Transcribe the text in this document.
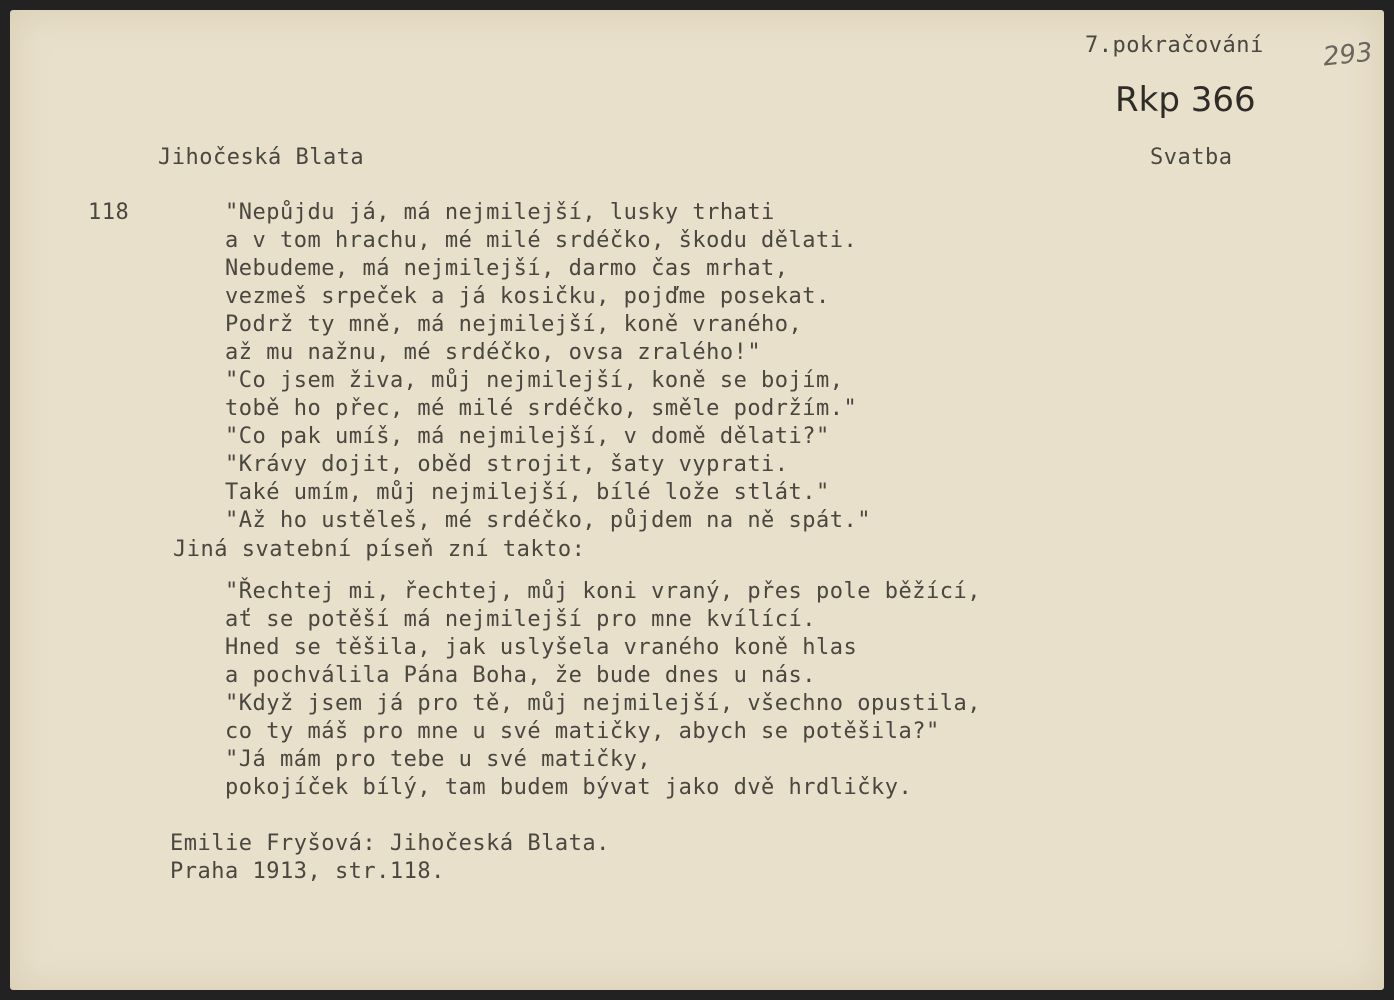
7.pokračování 293
Rkp 366
Jihočeská Blata	Svatba
118	"Nepůjdu já, má nejmilejší, lusky trhati
a v tom hrachu, mé milé srdéčko, škodu dělati.
Nebudeme, má nejmilejší, darmo čas mrhat,
vezmeš srpeček a já kosičku, pojďme posekat.
Podrž ty mně, má nejmilejší, koně vraného,
až mu nažnu, mé srdéčko, ovsa zralého!"
"Co jsem živa, můj nejmilejší, koně se bojím,
tobě ho přec, mé milé srdéčko, směle podržím."
"Co pak umíš, má nejmilejší, v domě dělati?"
"Krávy dojit, oběd strojit, šaty vyprati.
Také umím, můj nejmilejší, bílé lože stlát."
"Až ho ustěleš, mé srdéčko, půjdem na ně spát."
Jiná svatební píseň zní takto:
"Řechtej mi, řechtej, můj koni vraný, přes pole běžící,
ať se potěší má nejmilejší pro mne kvílící.
Hned se těšila, jak uslyšela vraného koně hlas
a pochválila Pána Boha, že bude dnes u nás.
"Když jsem já pro tě, můj nejmilejší, všechno opustila,
co ty máš pro mne u své matičky, abych se potěšila?"
"Já mám pro tebe u své matičky,
pokojíček bílý, tam budem bývat jako dvě hrdličky.
Emilie Fryšová: Jihočeská Blata.
Praha 1913, str.118.
